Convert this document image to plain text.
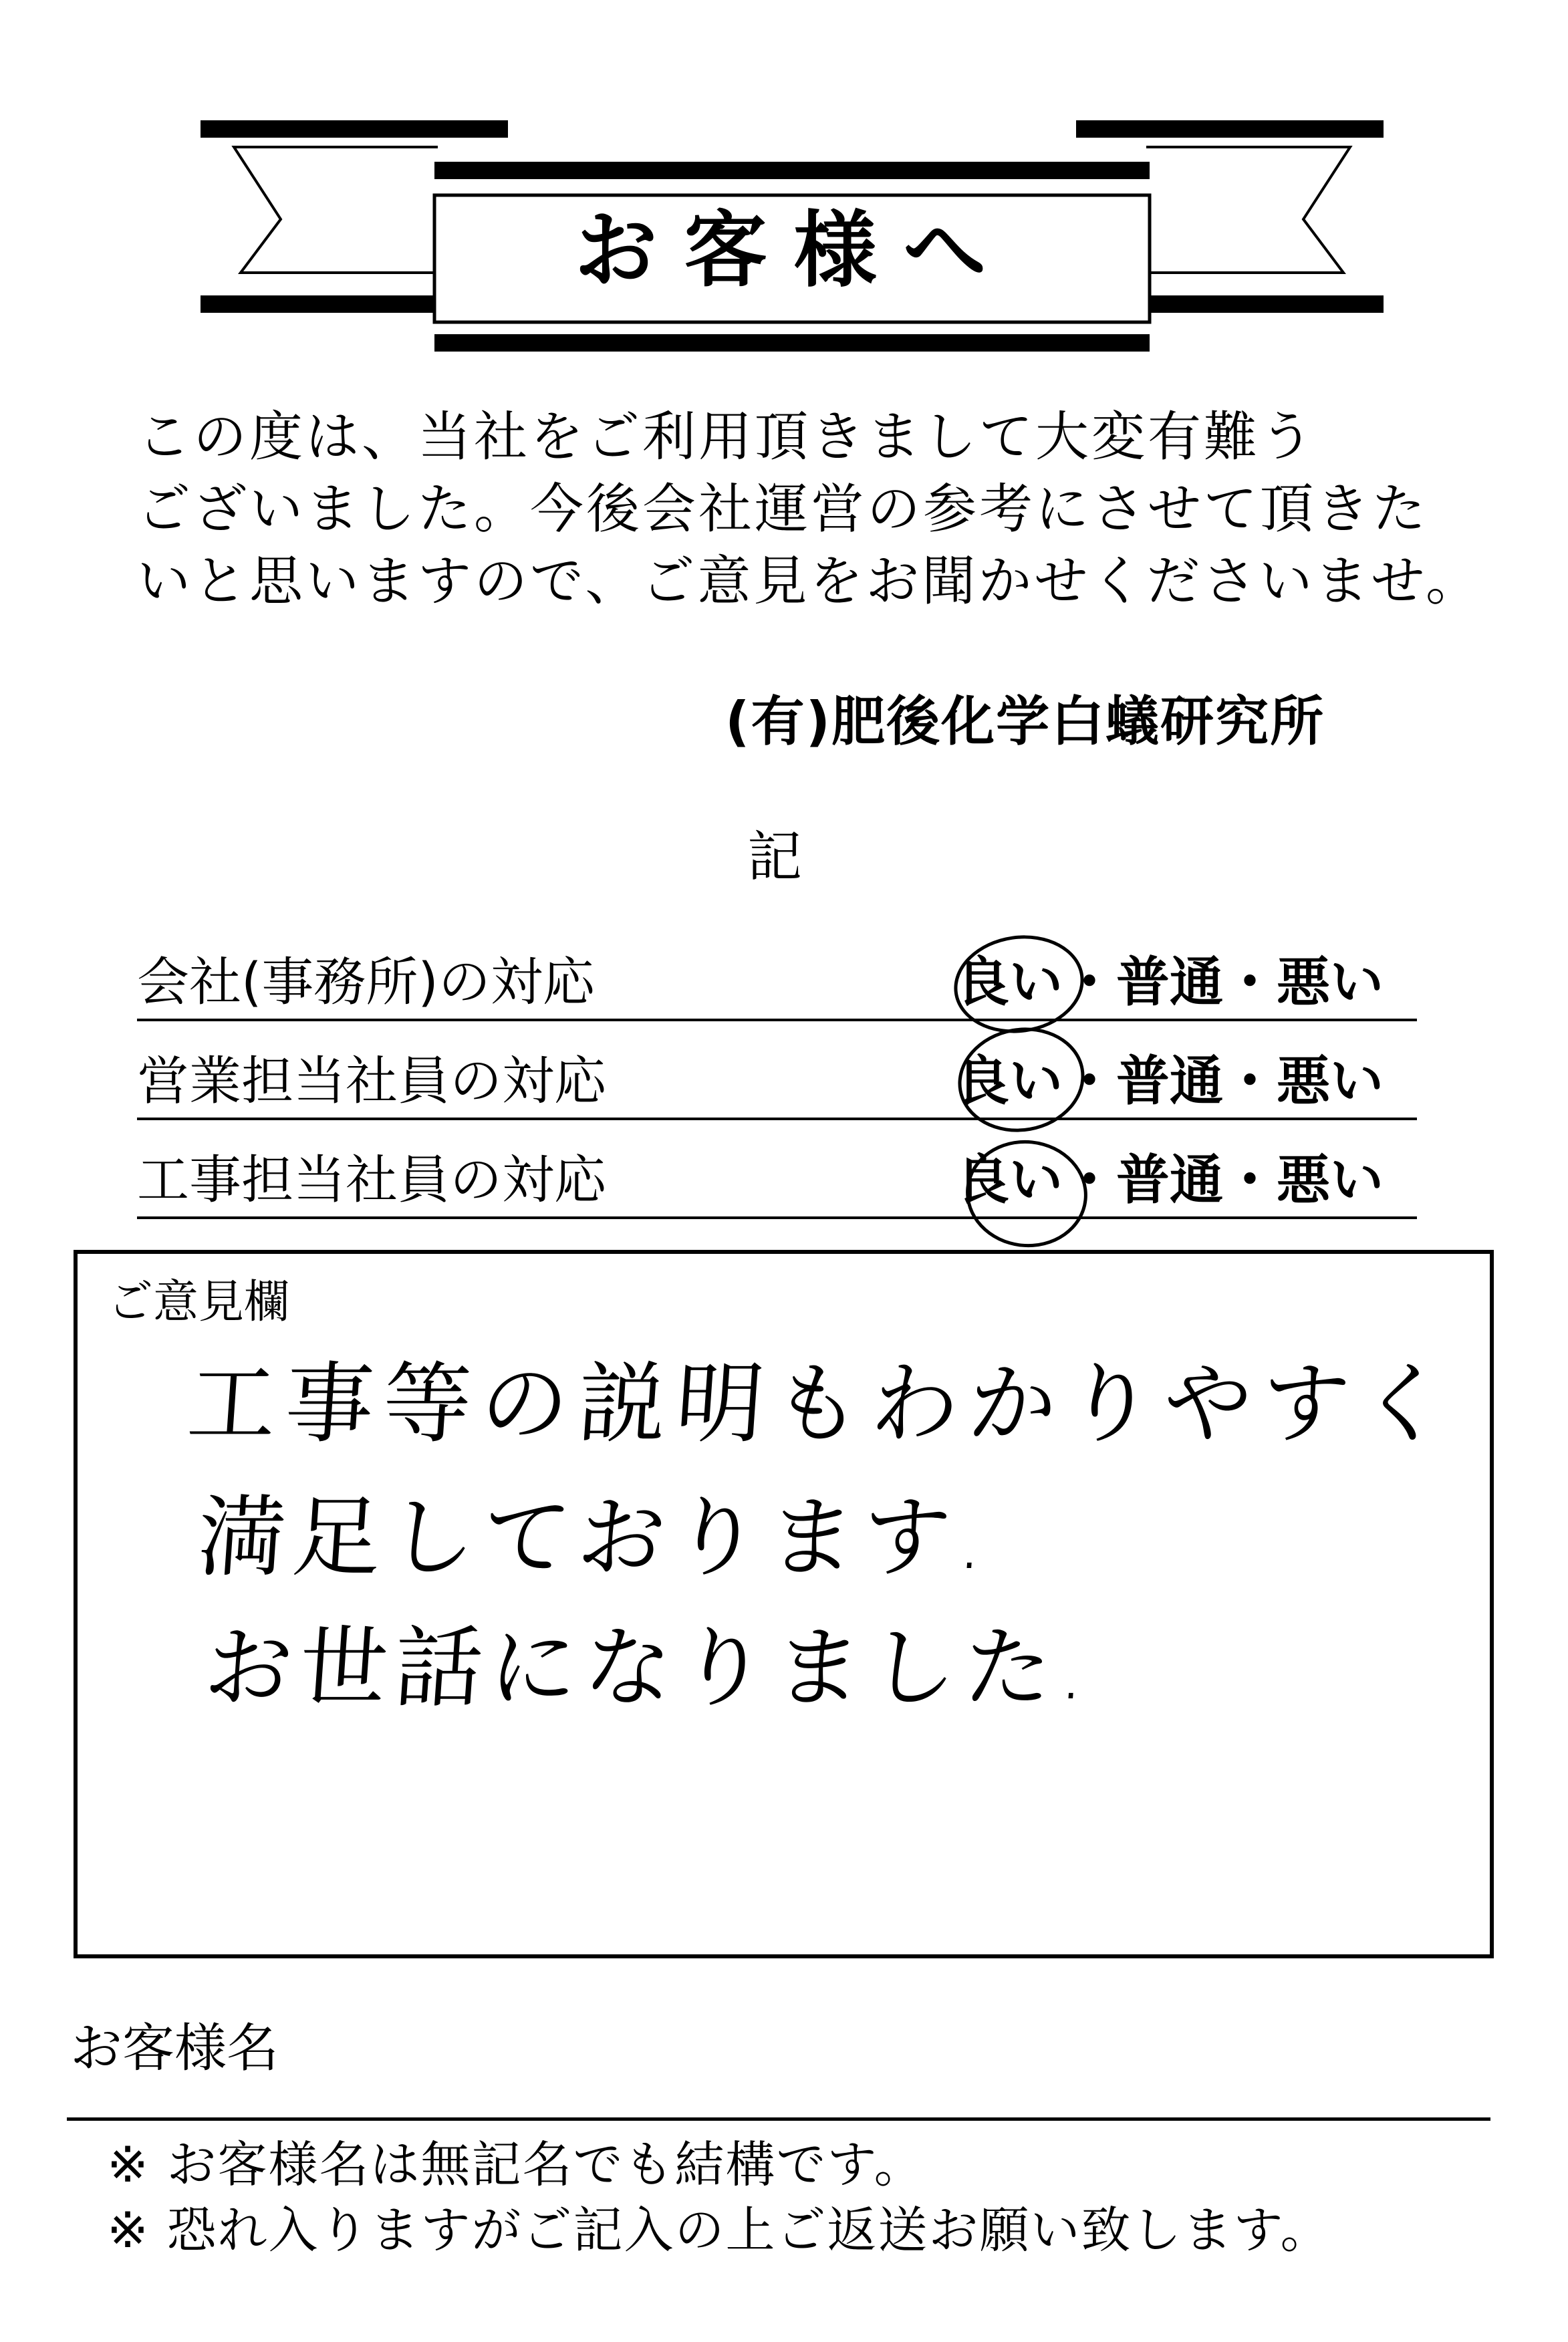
お客様へ
この度は、当社をご利用頂きまして大変有難う
ございました。今後会社運営の参考にさせて頂きた
いと思いますので、ご意見をお聞かせくださいませ。
(有)肥後化学白蟻研究所
記
会社(事務所)の対応	良い・普通・悪い
営業担当社員の対応	良い・普通・悪い
工事担当社員の対応	良い・普通・悪い
ご意見欄
工事等の説明もわかりやすく
満足しております.
お世話になりました.
お客様名
※ お客様名は無記名でも結構です。
※ 恐れ入りますがご記入の上ご返送お願い致します。
